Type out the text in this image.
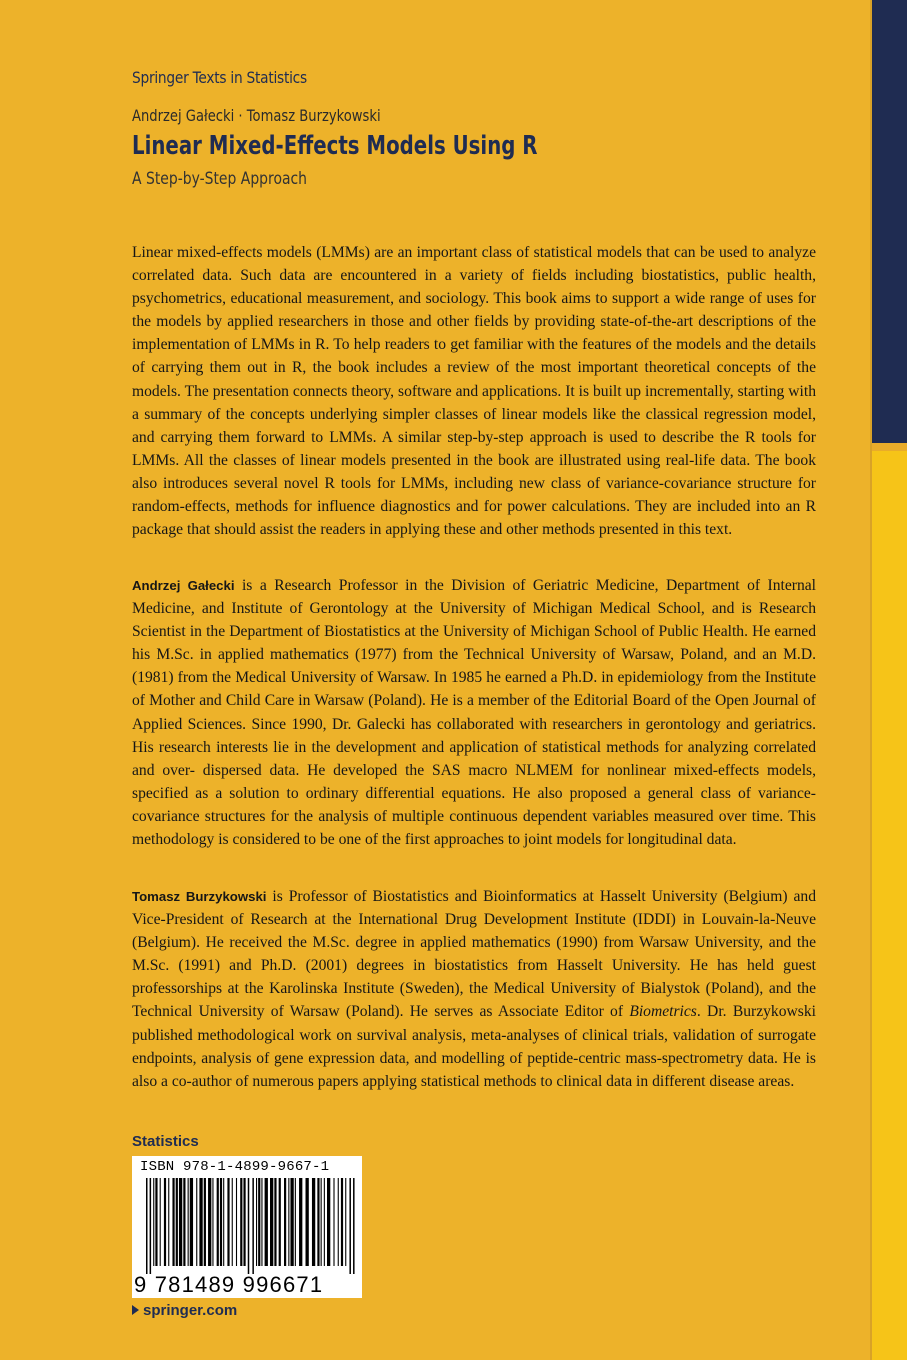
Springer Texts in Statistics
Andrzej Gałecki · Tomasz Burzykowski
Linear Mixed-Effects Models Using R
A Step-by-Step Approach

Linear mixed-effects models (LMMs) are an important class of statistical models that can be used to analyze correlated data. Such data are encountered in a variety of fields including biostatistics, public health, psychometrics, educational measurement, and sociology. This book aims to support a wide range of uses for the models by applied researchers in those and other fields by providing state-of-the-art descriptions of the implementation of LMMs in R. To help readers to get familiar with the features of the models and the details of carrying them out in R, the book includes a review of the most important theoretical concepts of the models. The presentation connects theory, software and applications. It is built up incrementally, starting with a summary of the concepts underlying simpler classes of linear models like the classical regression model, and carrying them forward to LMMs. A similar step-by-step approach is used to describe the R tools for LMMs. All the classes of linear models presented in the book are illustrated using real-life data. The book also introduces several novel R tools for LMMs, including new class of variance-covariance structure for random-effects, methods for influence diagnostics and for power calculations. They are included into an R package that should assist the readers in applying these and other methods presented in this text.

Andrzej Gałecki is a Research Professor in the Division of Geriatric Medicine, Department of Internal Medicine, and Institute of Gerontology at the University of Michigan Medical School, and is Research Scientist in the Department of Biostatistics at the University of Michigan School of Public Health. He earned his M.Sc. in applied mathematics (1977) from the Technical University of Warsaw, Poland, and an M.D. (1981) from the Medical University of Warsaw. In 1985 he earned a Ph.D. in epidemiology from the Institute of Mother and Child Care in Warsaw (Poland). He is a member of the Editorial Board of the Open Journal of Applied Sciences. Since 1990, Dr. Galecki has collaborated with researchers in gerontology and geriatrics. His research interests lie in the development and application of statistical methods for analyzing correlated and over- dispersed data. He developed the SAS macro NLMEM for nonlinear mixed-effects models, specified as a solution to ordinary differential equations. He also proposed a general class of variance-covariance structures for the analysis of multiple continuous dependent variables measured over time. This methodology is considered to be one of the first approaches to joint models for longitudinal data.

Tomasz Burzykowski is Professor of Biostatistics and Bioinformatics at Hasselt University (Belgium) and Vice-President of Research at the International Drug Development Institute (IDDI) in Louvain-la-Neuve (Belgium). He received the M.Sc. degree in applied mathematics (1990) from Warsaw University, and the M.Sc. (1991) and Ph.D. (2001) degrees in biostatistics from Hasselt University. He has held guest professorships at the Karolinska Institute (Sweden), the Medical University of Bialystok (Poland), and the Technical University of Warsaw (Poland). He serves as Associate Editor of Biometrics. Dr. Burzykowski published methodological work on survival analysis, meta-analyses of clinical trials, validation of surrogate endpoints, analysis of gene expression data, and modelling of peptide-centric mass-spectrometry data. He is also a co-author of numerous papers applying statistical methods to clinical data in different disease areas.

Statistics
ISBN 978-1-4899-9667-1
9 781489 996671
springer.com
